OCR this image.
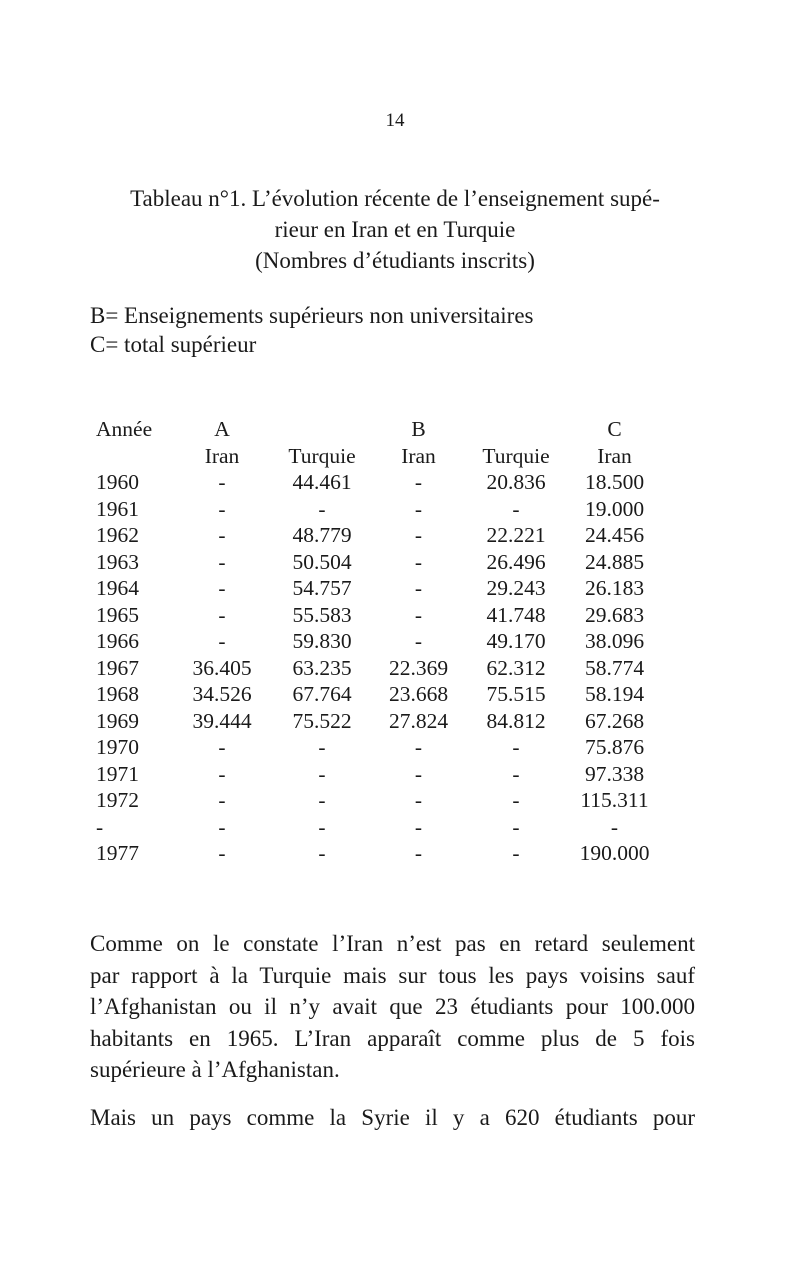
14
Tableau n°1. L’évolution récente de l’enseignement supé-
rieur en Iran et en Turquie
(Nombres d’étudiants inscrits)
B= Enseignements supérieurs non universitaires
C= total supérieur
Année	A		B		C
	Iran	Turquie	Iran	Turquie	Iran
1960	-	44.461	-	20.836	18.500
1961	-	-	-	-	19.000
1962	-	48.779	-	22.221	24.456
1963	-	50.504	-	26.496	24.885
1964	-	54.757	-	29.243	26.183
1965	-	55.583	-	41.748	29.683
1966	-	59.830	-	49.170	38.096
1967	36.405	63.235	22.369	62.312	58.774
1968	34.526	67.764	23.668	75.515	58.194
1969	39.444	75.522	27.824	84.812	67.268
1970	-	-	-	-	75.876
1971	-	-	-	-	97.338
1972	-	-	-	-	115.311
-	-	-	-	-	-
1977	-	-	-	-	190.000
Comme on le constate l’Iran n’est pas en retard seulement
par rapport à la Turquie mais sur tous les pays voisins sauf
l’Afghanistan ou il n’y avait que 23 étudiants pour 100.000
habitants en 1965. L’Iran apparaît comme plus de 5 fois
supérieure à l’Afghanistan.
Mais un pays comme la Syrie il y a 620 étudiants pour
